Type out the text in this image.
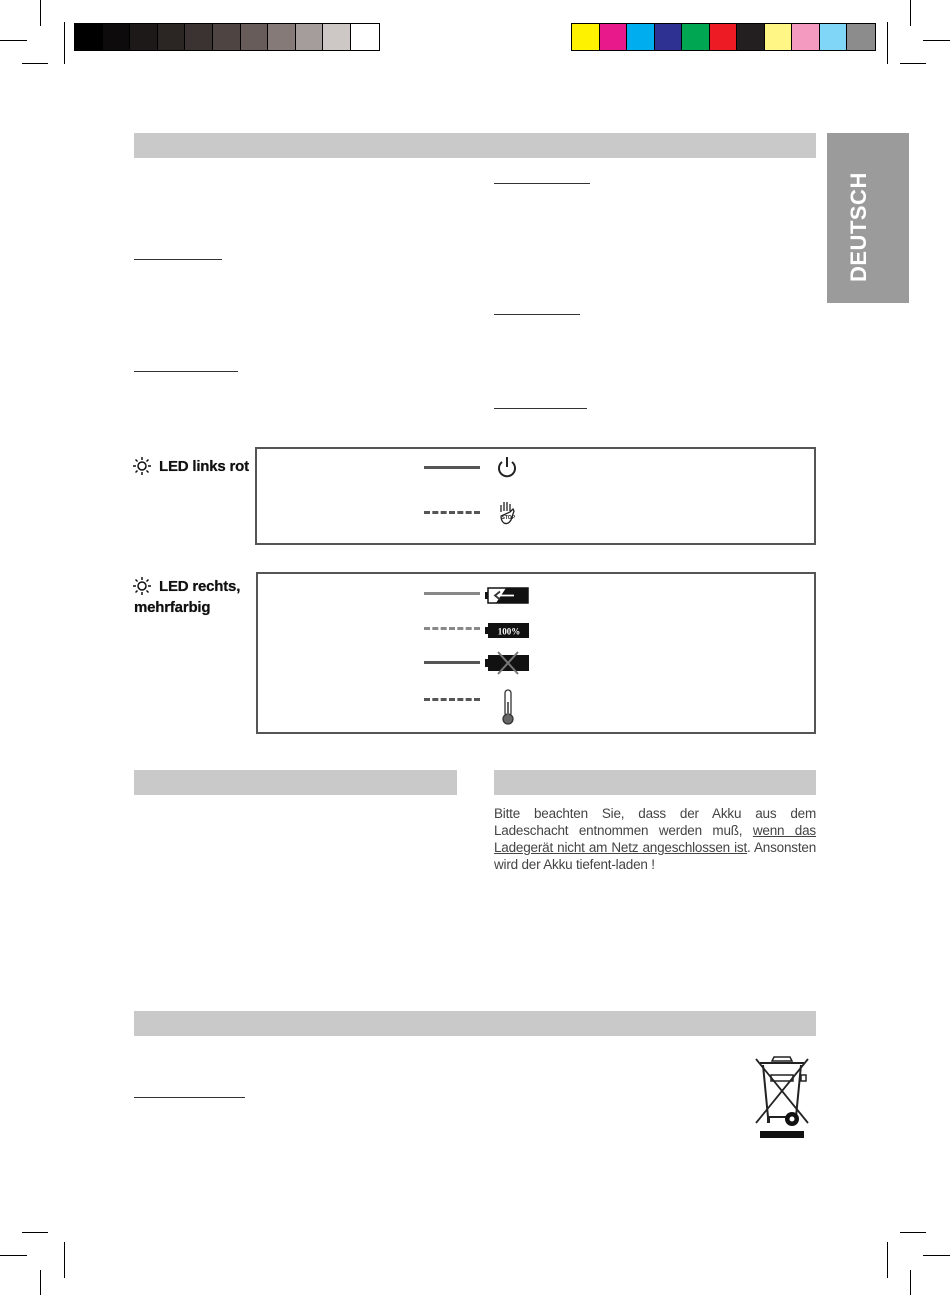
DEUTSCH
LED links rot
STOP
LED rechts,
mehrfarbig
100%
Bitte beachten Sie, dass der Akku aus dem Ladeschacht entnommen werden muß, wenn das Ladegerät nicht am Netz angeschlossen ist. Ansonsten wird der Akku tiefent-laden !
